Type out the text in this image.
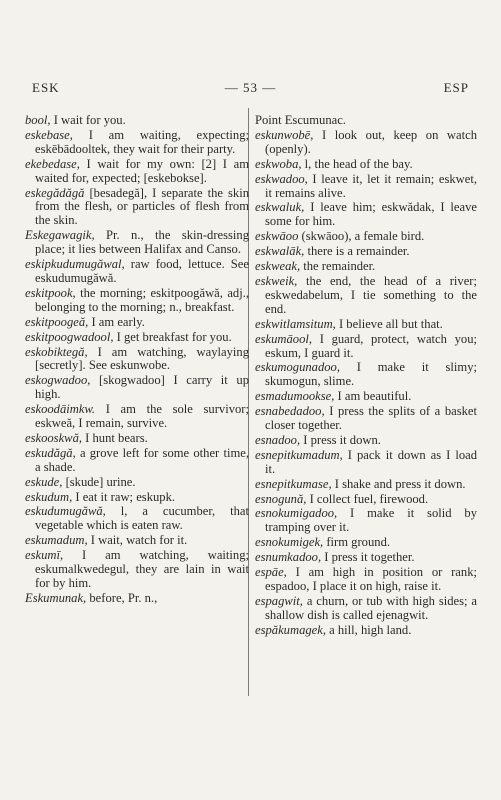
ESK	— 53 —	ESP

bool, I wait for you.

eskebase, I am waiting, expecting; eskēbādooltek, they wait for their party.

ekebedase, I wait for my own: [2] I am waited for, expected; [eskebokse].

eskegădăgă [besadegă], I separate the skin from the flesh, or particles of flesh from the skin.

Eskegawagik, Pr. n., the skin-dressing place; it lies between Halifax and Canso.

eskipkudumugăwal, raw food, lettuce. See eskudumugăwă.

eskitpook, the morning; eskitpoogăwă, adj., belonging to the morning; n., breakfast.

eskitpoogeă, I am early.

eskitpoogwadool, I get breakfast for you.

eskobiktegă, I am watching, waylaying [secretly]. See eskunwobe.

eskogwadoo, [skogwadoo] I carry it up high.

eskoodāimkw. I am the sole survivor; eskweă, I remain, survive.

eskooskwă, I hunt bears.

eskudăgă, a grove left for some other time, a shade.

eskude, [skude] urine.

eskudum, I eat it raw; eskupk.

eskudumugăwă, l, a cucumber, that vegetable which is eaten raw.

eskumadum, I wait, watch for it.

eskumī, I am watching, waiting; eskumalkwedegul, they are lain in wait for by him.

Eskumunak, before, Pr. n.,

Point Escumunac.

eskunwobē, I look out, keep on watch (openly).

eskwoba, l, the head of the bay.

eskwadoo, I leave it, let it remain; eskwet, it remains alive.

eskwaluk, I leave him; eskwădak, I leave some for him.

eskwāoo (skwāoo), a female bird.

eskwalāk, there is a remainder.

eskweak, the remainder.

eskweik, the end, the head of a river; eskwedabelum, I tie something to the end.

eskwitlamsitum, I believe all but that.

eskumāool, I guard, protect, watch you; eskum, I guard it.

eskumogunadoo, I make it slimy; skumogun, slime.

esmadumookse, I am beautiful.

esnabedadoo, I press the splits of a basket closer together.

esnadoo, I press it down.

esnepitkumadum, I pack it down as I load it.

esnepitkumase, I shake and press it down.

esnogună, I collect fuel, firewood.

esnokumigadoo, I make it solid by tramping over it.

esnokumigek, firm ground.

esnumkadoo, I press it together.

espāe, I am high in position or rank; espadoo, I place it on high, raise it.

espagwit, a churn, or tub with high sides; a shallow dish is called ejenagwit.

espăkumagek, a hill, high land.
